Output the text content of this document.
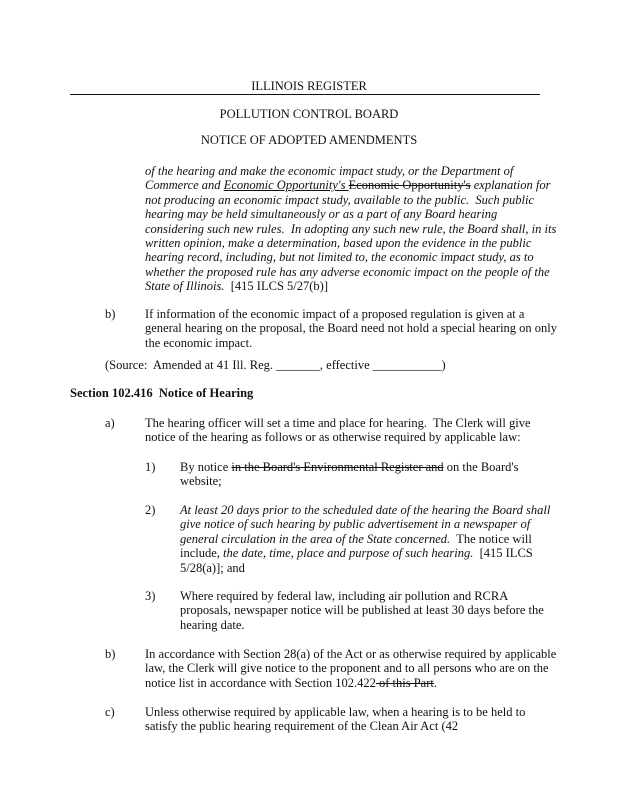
ILLINOIS REGISTER
POLLUTION CONTROL BOARD
NOTICE OF ADOPTED AMENDMENTS
of the hearing and make the economic impact study, or the Department of
Commerce and Economic Opportunity's Economic Opportunity's explanation for
not producing an economic impact study, available to the public.  Such public
hearing may be held simultaneously or as a part of any Board hearing
considering such new rules.  In adopting any such new rule, the Board shall, in its
written opinion, make a determination, based upon the evidence in the public
hearing record, including, but not limited to, the economic impact study, as to
whether the proposed rule has any adverse economic impact on the people of the
State of Illinois.  [415 ILCS 5/27(b)]
b) If information of the economic impact of a proposed regulation is given at a
general hearing on the proposal, the Board need not hold a special hearing on only
the economic impact.
(Source:  Amended at 41 Ill. Reg. _______, effective ___________)
Section 102.416  Notice of Hearing
a) The hearing officer will set a time and place for hearing.  The Clerk will give
notice of the hearing as follows or as otherwise required by applicable law:
1) By notice in the Board's Environmental Register and on the Board's
website;
2) At least 20 days prior to the scheduled date of the hearing the Board shall
give notice of such hearing by public advertisement in a newspaper of
general circulation in the area of the State concerned.  The notice will
include, the date, time, place and purpose of such hearing.  [415 ILCS
5/28(a)]; and
3) Where required by federal law, including air pollution and RCRA
proposals, newspaper notice will be published at least 30 days before the
hearing date.
b) In accordance with Section 28(a) of the Act or as otherwise required by applicable
law, the Clerk will give notice to the proponent and to all persons who are on the
notice list in accordance with Section 102.422 of this Part.
c) Unless otherwise required by applicable law, when a hearing is to be held to
satisfy the public hearing requirement of the Clean Air Act (42
